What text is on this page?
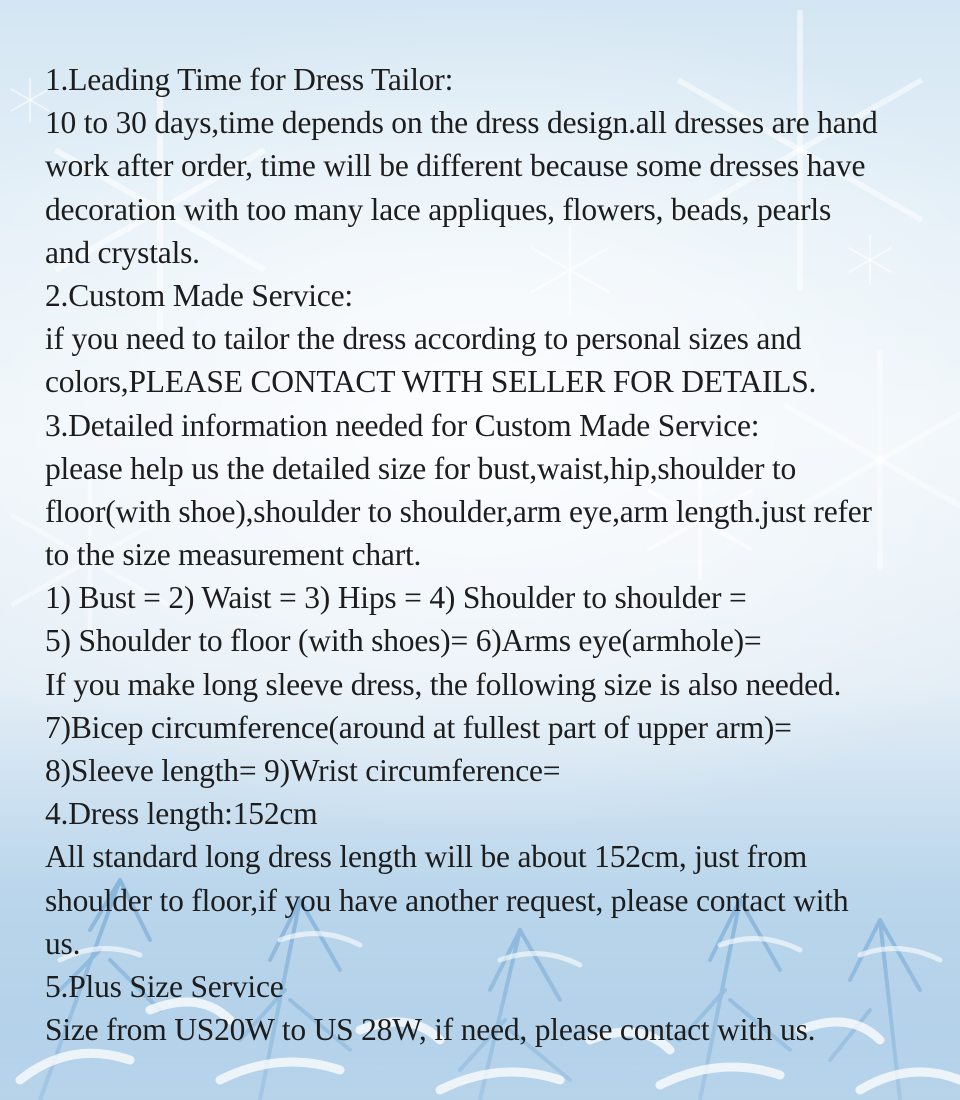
1.Leading Time for Dress Tailor:
10 to 30 days,time depends on the dress design.all dresses are hand
work after order, time will be different because some dresses have
decoration with too many lace appliques, flowers, beads, pearls
and crystals.
2.Custom Made Service:
if you need to tailor the dress according to personal sizes and
colors,PLEASE CONTACT WITH SELLER FOR DETAILS.
3.Detailed information needed for Custom Made Service:
please help us the detailed size for bust,waist,hip,shoulder to
floor(with shoe),shoulder to shoulder,arm eye,arm length.just refer
to the size measurement chart.
1) Bust = 2) Waist = 3) Hips = 4) Shoulder to shoulder =
5) Shoulder to floor (with shoes)= 6)Arms eye(armhole)=
If you make long sleeve dress, the following size is also needed.
7)Bicep circumference(around at fullest part of upper arm)=
8)Sleeve length= 9)Wrist circumference=
4.Dress length:152cm
All standard long dress length will be about 152cm, just from
shoulder to floor,if you have another request, please contact with
us.
5.Plus Size Service
Size from US20W to US 28W, if need, please contact with us.
